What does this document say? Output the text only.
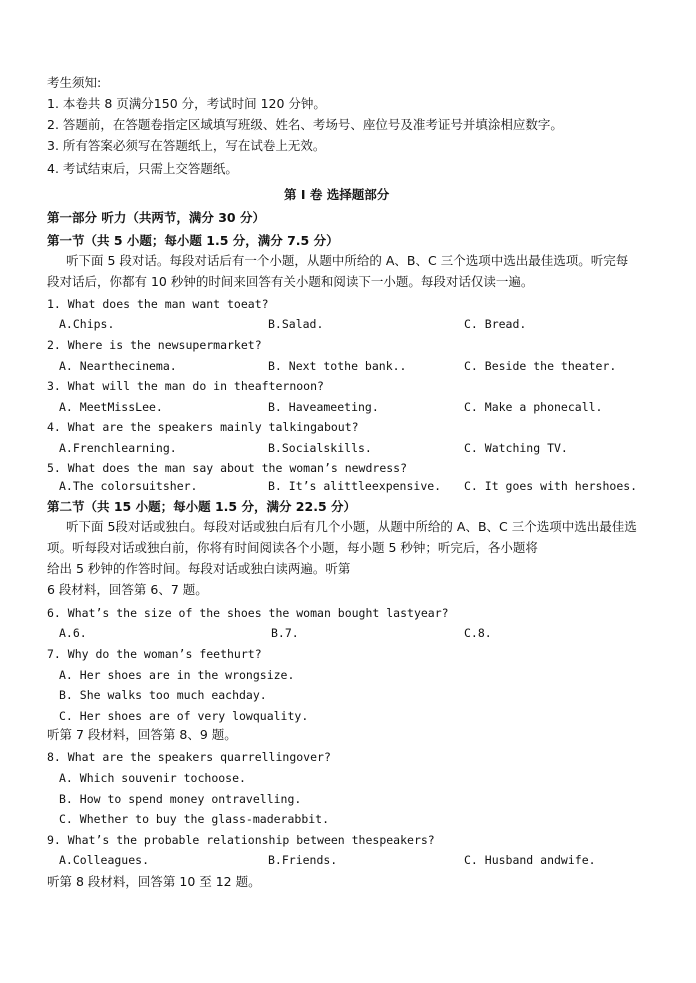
考生须知:
1. 本卷共 8 页满分150 分，考试时间 120 分钟。
2. 答题前，在答题卷指定区域填写班级、姓名、考场号、座位号及准考证号并填涂相应数字。
3. 所有答案必须写在答题纸上，写在试卷上无效。
4. 考试结束后，只需上交答题纸。
第 I 卷 选择题部分
第一部分 听力（共两节，满分 30 分）
第一节（共 5 小题；每小题 1.5 分，满分 7.5 分）
听下面 5 段对话。每段对话后有一个小题，从题中所给的 A、B、C 三个选项中选出最佳选项。听完每
段对话后，你都有 10 秒钟的时间来回答有关小题和阅读下一小题。每段对话仅读一遍。
1. What does the man want toeat?
A.Chips.	B.Salad.	C. Bread.
2. Where is the newsupermarket?
A. Nearthecinema.	B. Next tothe bank..	C. Beside the theater.
3. What will the man do in theafternoon?
A. MeetMissLee.	B. Haveameeting.	C. Make a phonecall.
4. What are the speakers mainly talkingabout?
A.Frenchlearning.	B.Socialskills.	C. Watching TV.
5. What does the man say about the woman’s newdress?
A.The colorsuitsher.	B. It’s alittleexpensive. C. It goes with hershoes.
第二节（共 15 小题；每小题 1.5 分，满分 22.5 分）
听下面 5段对话或独白。每段对话或独白后有几个小题，从题中所给的 A、B、C 三个选项中选出最佳选
项。听每段对话或独白前，你将有时间阅读各个小题，每小题 5 秒钟；听完后，各小题将
给出 5 秒钟的作答时间。每段对话或独白读两遍。听第
6 段材料，回答第 6、7 题。
6. What’s the size of the shoes the woman bought lastyear?
A.6.	B.7.	C.8.
7. Why do the woman’s feethurt?
A. Her shoes are in the wrongsize.
B. She walks too much eachday.
C. Her shoes are of very lowquality.
听第 7 段材料，回答第 8、9 题。
8. What are the speakers quarrellingover?
A. Which souvenir tochoose.
B. How to spend money ontravelling.
C. Whether to buy the glass-maderabbit.
9. What’s the probable relationship between thespeakers?
A.Colleagues.	B.Friends.	C. Husband andwife.
听第 8 段材料，回答第 10 至 12 题。
